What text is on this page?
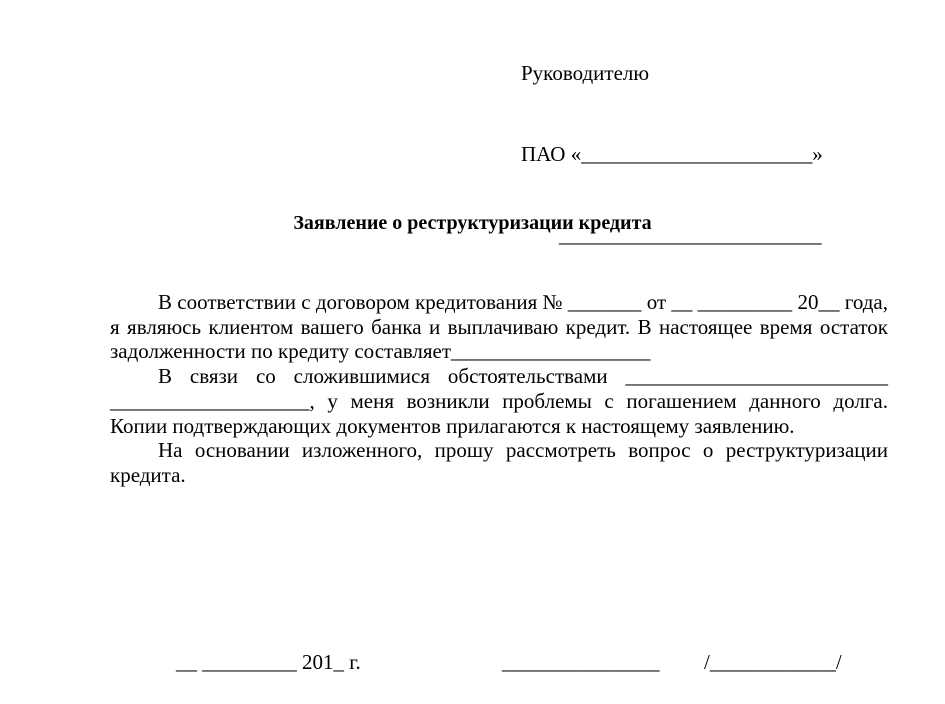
Руководителю

ПАО «______________________»

_________________________

Заявление о реструктуризации кредита

В соответствии с договором кредитования № _______ от __ _________ 20__ года, я являюсь клиентом вашего банка и выплачиваю кредит. В настоящее время остаток задолженности по кредиту составляет___________________

В связи со сложившимися обстоятельствами _________________________ ___________________, у меня возникли проблемы с погашением данного долга. Копии подтверждающих документов прилагаются к настоящему заявлению.

На основании изложенного, прошу рассмотреть вопрос о реструктуризации кредита.

__ _________ 201_ г.	_______________ /____________/
